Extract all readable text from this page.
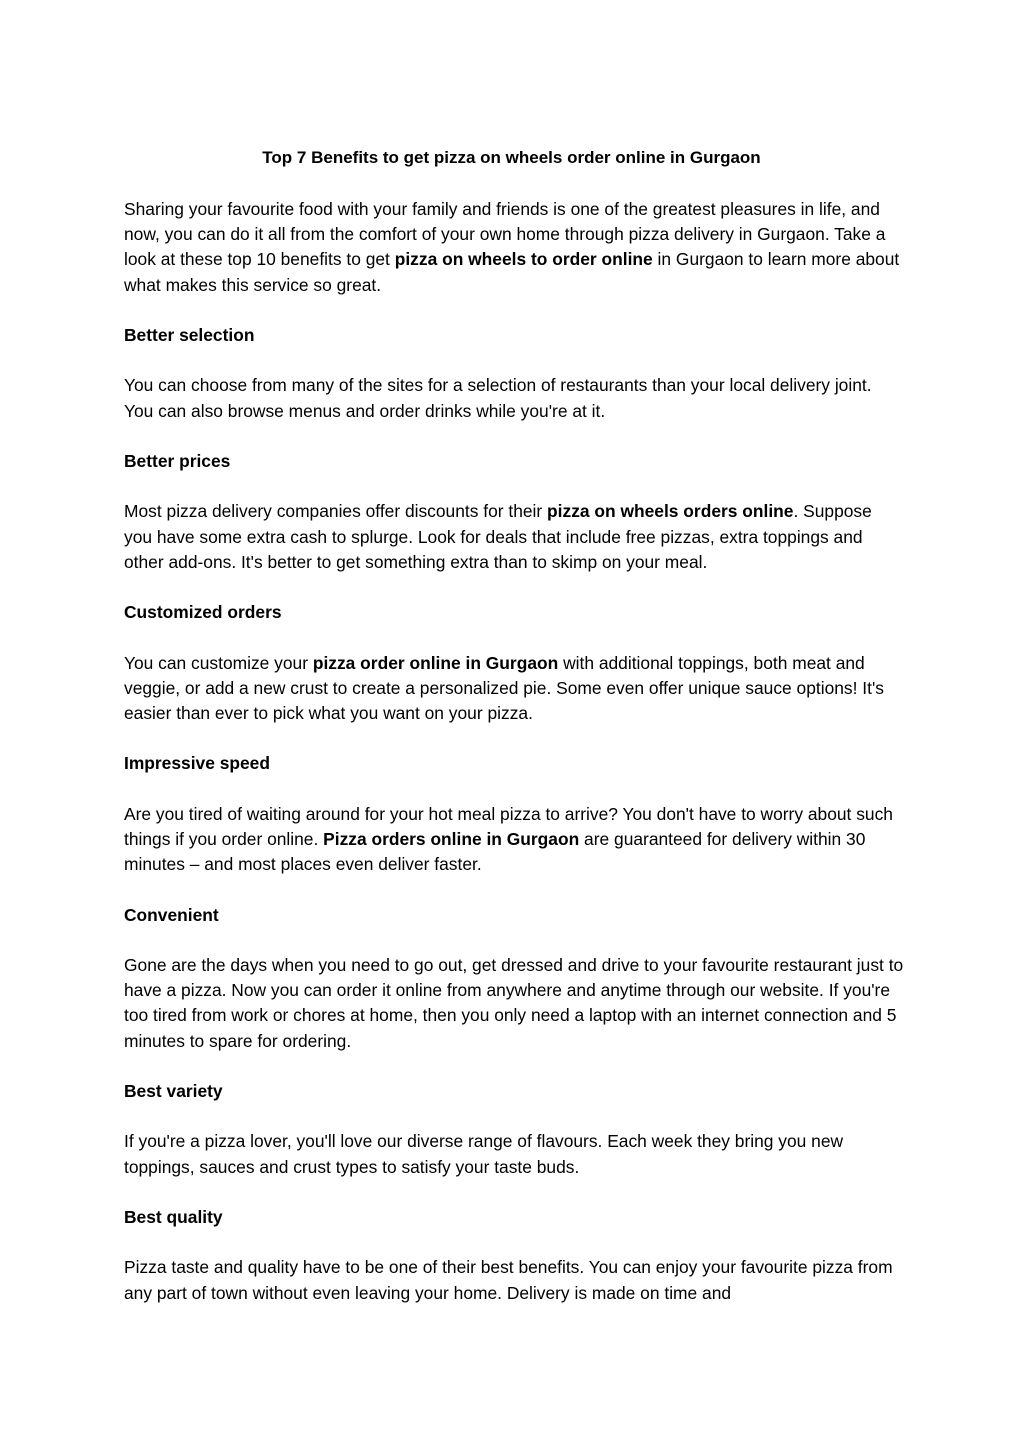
Top 7 Benefits to get pizza on wheels order online in Gurgaon

Sharing your favourite food with your family and friends is one of the greatest pleasures in life, and now, you can do it all from the comfort of your own home through pizza delivery in Gurgaon. Take a look at these top 10 benefits to get pizza on wheels to order online in Gurgaon to learn more about what makes this service so great.

Better selection

You can choose from many of the sites for a selection of restaurants than your local delivery joint. You can also browse menus and order drinks while you're at it.

Better prices

Most pizza delivery companies offer discounts for their pizza on wheels orders online. Suppose you have some extra cash to splurge. Look for deals that include free pizzas, extra toppings and other add-ons. It's better to get something extra than to skimp on your meal.

Customized orders

You can customize your pizza order online in Gurgaon with additional toppings, both meat and veggie, or add a new crust to create a personalized pie. Some even offer unique sauce options! It's easier than ever to pick what you want on your pizza.

Impressive speed

Are you tired of waiting around for your hot meal pizza to arrive? You don't have to worry about such things if you order online. Pizza orders online in Gurgaon are guaranteed for delivery within 30 minutes – and most places even deliver faster.

Convenient

Gone are the days when you need to go out, get dressed and drive to your favourite restaurant just to have a pizza. Now you can order it online from anywhere and anytime through our website. If you're too tired from work or chores at home, then you only need a laptop with an internet connection and 5 minutes to spare for ordering.

Best variety

If you're a pizza lover, you'll love our diverse range of flavours. Each week they bring you new toppings, sauces and crust types to satisfy your taste buds.

Best quality

Pizza taste and quality have to be one of their best benefits. You can enjoy your favourite pizza from any part of town without even leaving your home. Delivery is made on time and
